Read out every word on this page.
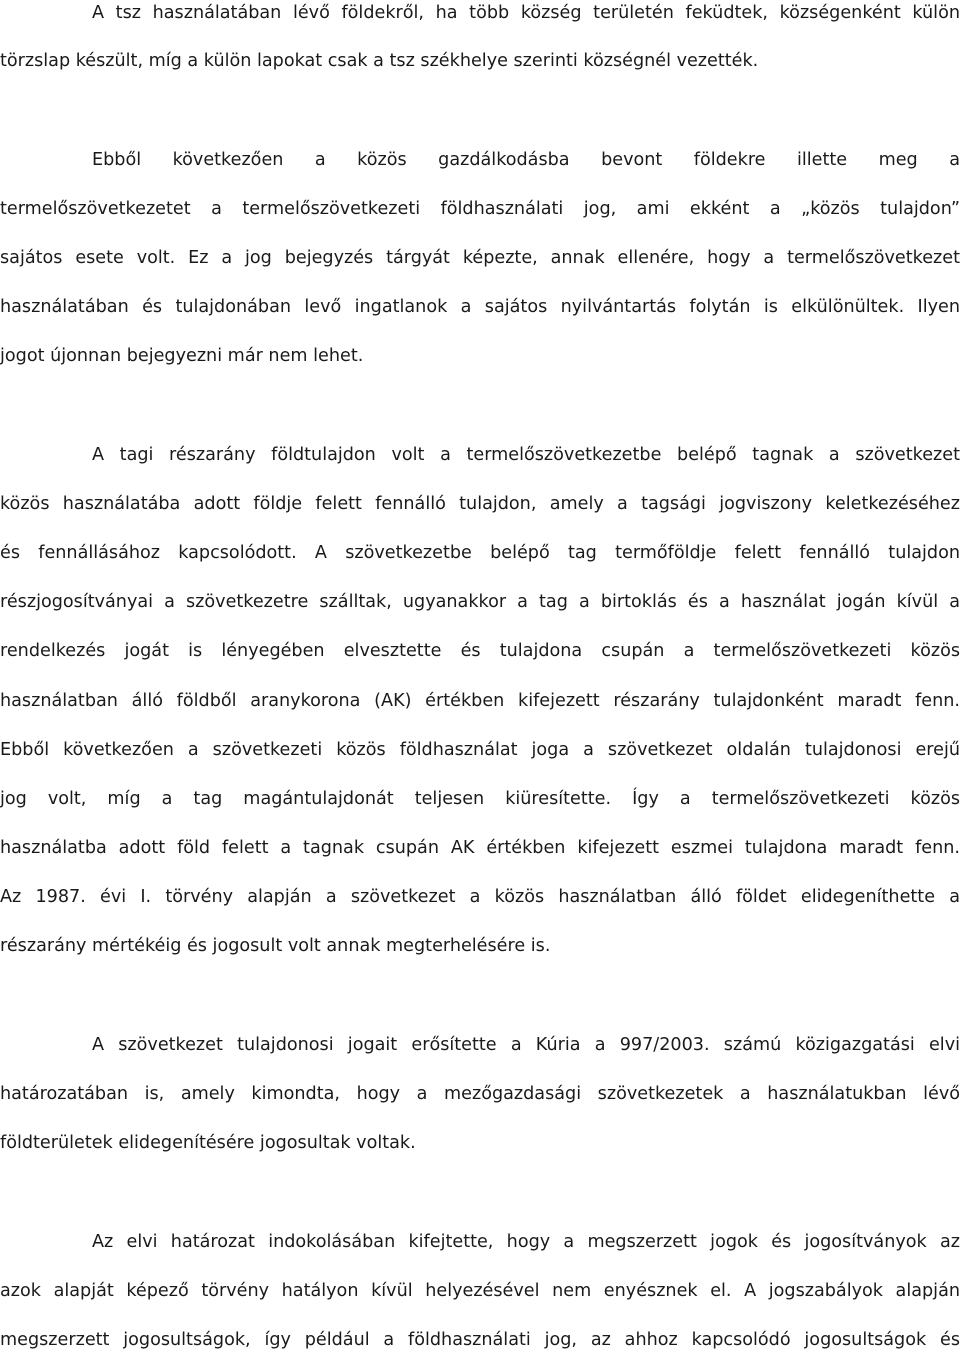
A tsz használatában lévő földekről, ha több község területén feküdtek, községenként külön
törzslap készült, míg a külön lapokat csak a tsz székhelye szerinti községnél vezették.
Ebből következően a közös gazdálkodásba bevont földekre illette meg a
termelőszövetkezetet a termelőszövetkezeti földhasználati jog, ami ekként a „közös tulajdon”
sajátos esete volt. Ez a jog bejegyzés tárgyát képezte, annak ellenére, hogy a termelőszövetkezet
használatában és tulajdonában levő ingatlanok a sajátos nyilvántartás folytán is elkülönültek. Ilyen
jogot újonnan bejegyezni már nem lehet.
A tagi részarány földtulajdon volt a termelőszövetkezetbe belépő tagnak a szövetkezet
közös használatába adott földje felett fennálló tulajdon, amely a tagsági jogviszony keletkezéséhez
és fennállásához kapcsolódott. A szövetkezetbe belépő tag termőföldje felett fennálló tulajdon
részjogosítványai a szövetkezetre szálltak, ugyanakkor a tag a birtoklás és a használat jogán kívül a
rendelkezés jogát is lényegében elvesztette és tulajdona csupán a termelőszövetkezeti közös
használatban álló földből aranykorona (AK) értékben kifejezett részarány tulajdonként maradt fenn.
Ebből következően a szövetkezeti közös földhasználat joga a szövetkezet oldalán tulajdonosi erejű
jog volt, míg a tag magántulajdonát teljesen kiüresítette. Így a termelőszövetkezeti közös
használatba adott föld felett a tagnak csupán AK értékben kifejezett eszmei tulajdona maradt fenn.
Az 1987. évi I. törvény alapján a szövetkezet a közös használatban álló földet elidegeníthette a
részarány mértékéig és jogosult volt annak megterhelésére is.
A szövetkezet tulajdonosi jogait erősítette a Kúria a 997/2003. számú közigazgatási elvi
határozatában is, amely kimondta, hogy a mezőgazdasági szövetkezetek a használatukban lévő
földterületek elidegenítésére jogosultak voltak.
Az elvi határozat indokolásában kifejtette, hogy a megszerzett jogok és jogosítványok az
azok alapját képező törvény hatályon kívül helyezésével nem enyésznek el. A jogszabályok alapján
megszerzett jogosultságok, így például a földhasználati jog, az ahhoz kapcsolódó jogosultságok és
